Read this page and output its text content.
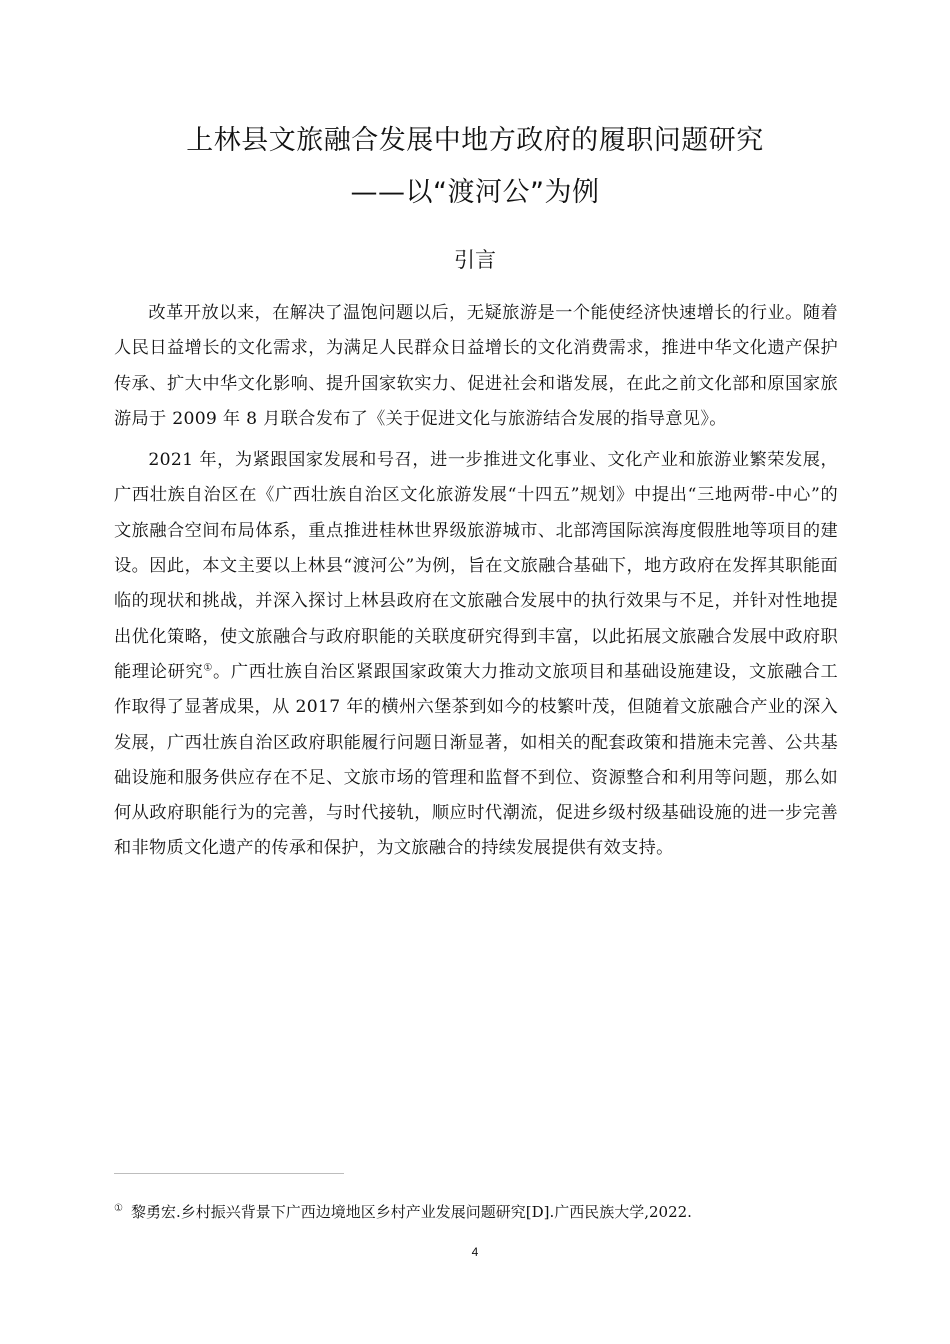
上林县文旅融合发展中地方政府的履职问题研究
——以“渡河公”为例
引言

改革开放以来，在解决了温饱问题以后，无疑旅游是一个能使经济快速增长的行业。随着人民日益增长的文化需求，为满足人民群众日益增长的文化消费需求，推进中华文化遗产保护传承、扩大中华文化影响、提升国家软实力、促进社会和谐发展，在此之前文化部和原国家旅游局于 2009 年 8 月联合发布了《关于促进文化与旅游结合发展的指导意见》。

2021 年，为紧跟国家发展和号召，进一步推进文化事业、文化产业和旅游业繁荣发展，广西壮族自治区在《广西壮族自治区文化旅游发展“十四五”规划》中提出“三地两带-中心”的文旅融合空间布局体系，重点推进桂林世界级旅游城市、北部湾国际滨海度假胜地等项目的建设。因此，本文主要以上林县“渡河公”为例，旨在文旅融合基础下，地方政府在发挥其职能面临的现状和挑战，并深入探讨上林县政府在文旅融合发展中的执行效果与不足，并针对性地提出优化策略，使文旅融合与政府职能的关联度研究得到丰富，以此拓展文旅融合发展中政府职能理论研究①。广西壮族自治区紧跟国家政策大力推动文旅项目和基础设施建设，文旅融合工作取得了显著成果，从 2017 年的横州六堡茶到如今的枝繁叶茂，但随着文旅融合产业的深入发展，广西壮族自治区政府职能履行问题日渐显著，如相关的配套政策和措施未完善、公共基础设施和服务供应存在不足、文旅市场的管理和监督不到位、资源整合和利用等问题，那么如何从政府职能行为的完善，与时代接轨，顺应时代潮流，促进乡级村级基础设施的进一步完善和非物质文化遗产的传承和保护，为文旅融合的持续发展提供有效支持。

① 黎勇宏.乡村振兴背景下广西边境地区乡村产业发展问题研究[D].广西民族大学,2022.
4
